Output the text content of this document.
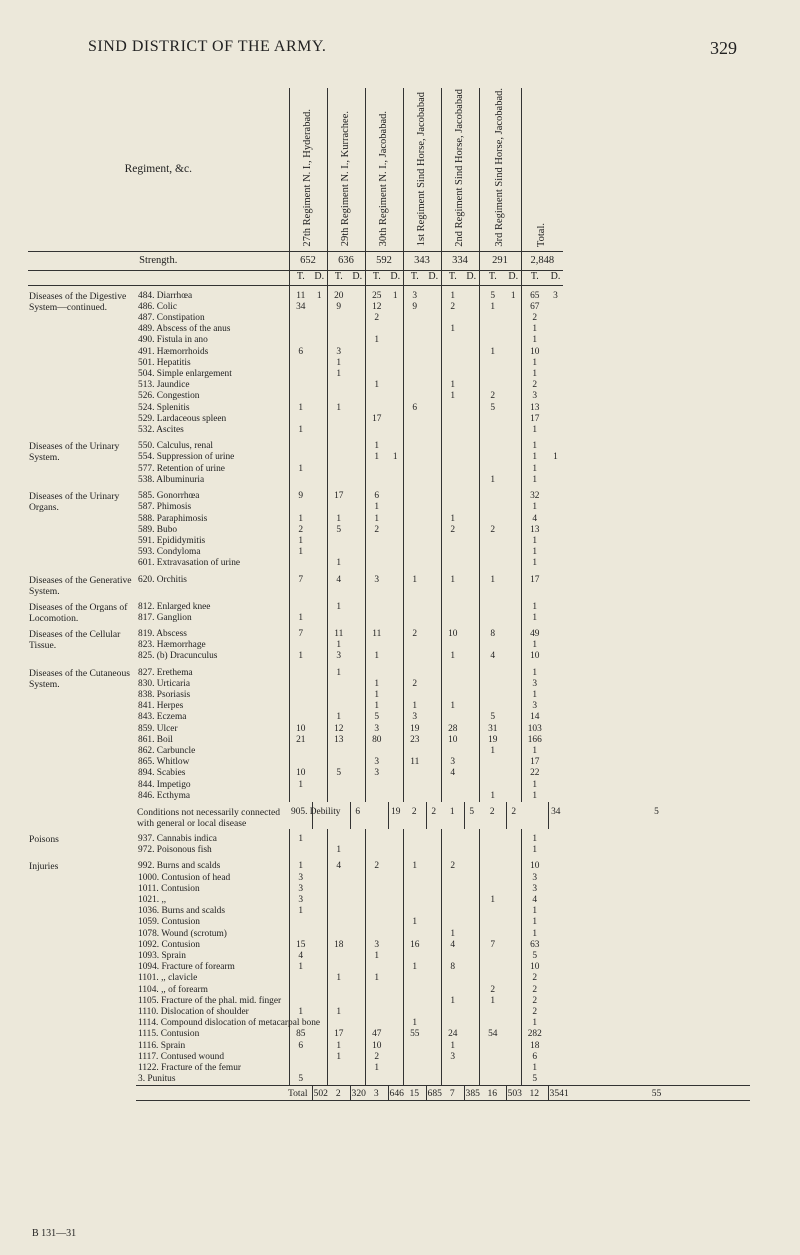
SIND DISTRICT OF THE ARMY.	329
Regiment, &c.		27th Regiment N. I., Hyderabad.		29th Regiment N. I., Kurrachee.		30th Regiment N. I., Jacobabad.		1st Regiment Sind Horse, Jacobabad		2nd Regiment Sind Horse, Jacobabad		3rd Regiment Sind Horse, Jacobabad.		Total.		

Strength.		652		636		592		343		334		291		2,848		
		T.	D.	T.	D.	T.	D.	T.	D.	T.	D.	T.	D.	T.	D.	
Diseases of the Digestive System—continued.	484. Diarrhœa	11	1	20		25	1	3		1		5	1	65	3	
	486. Colic	34		9		12		9		2		1		67		
	487. Constipation					2								2		
	489. Abscess of the anus									1				1		
	490. Fistula in ano					1								1		
	491. Hæmorrhoids	6		3								1		10		
	501. Hepatitis			1										1		
	504. Simple enlargement			1										1		
	513. Jaundice					1				1				2		
	526. Congestion									1		2		3		
	524. Splenitis	1		1				6				5		13		
	529. Lardaceous spleen					17								17		
	532. Ascites	1												1		
Diseases of the Urinary System.	550. Calculus, renal					1								1		
	554. Suppression of urine					1	1							1	1	
	577. Retention of urine	1												1		
	538. Albuminuria											1		1		
Diseases of the Urinary Organs.	585. Gonorrhœa	9		17		6								32		
	587. Phimosis					1								1		
	588. Paraphimosis	1		1		1				1				4		
	589. Bubo	2		5		2				2		2		13		
	591. Epididymitis	1												1		
	593. Condyloma	1												1		
	601. Extravasation of urine			1										1		
Diseases of the Generative System.	620. Orchitis	7		4		3		1		1		1		17		
Diseases of the Organs of Locomotion.	812. Enlarged knee			1										1		
	817. Ganglion	1												1		
Diseases of the Cellular Tissue.	819. Abscess	7		11		11		2		10		8		49		
	823. Hæmorrhage			1										1		
	825. (b) Dracunculus	1		3		1				1		4		10		
Diseases of the Cutaneous System.	827. Erethema			1										1		
	830. Urticaria					1		2						3		
	838. Psoriasis					1								1		
	841. Herpes					1		1		1				3		
	843. Eczema			1		5		3				5		14		
	859. Ulcer	10		12		3		19		28		31		103		
	861. Boil	21		13		80		23		10		19		166		
	862. Carbuncle											1		1		
	865. Whitlow					3		11		3				17		
	894. Scabies	10		5		3				4				22		
	844. Impetigo	1												1		
	846. Ecthyma											1		1		
	Conditions not necessarily connected with general or local disease	905. Debility			6		19	2	2	1	5	2	2		34	5
Poisons	937. Cannabis indica	1												1		
	972. Poisonous fish			1										1		
Injuries	992. Burns and scalds	1		4		2		1		2				10		
	1000. Contusion of head	3												3		
	1011. Contusion	3												3		
	1021. ,,	3										1		4		
	1036. Burns and scalds	1												1		
	1059. Contusion							1						1		
	1078. Wound (scrotum)									1				1		
	1092. Contusion	15		18		3		16		4		7		63		
	1093. Sprain	4				1								5		
	1094. Fracture of forearm	1						1		8				10		
	1101. ,, clavicle			1		1								2		
	1104. ,, of forearm											2		2		
	1105. Fracture of the phal. mid. finger									1		1		2		
	1110. Dislocation of shoulder	1		1										2		
	1114. Compound dislocation of metacarpal bone							1						1		
	1115. Contusion	85		17		47		55		24		54		282		
	1116. Sprain	6		1		10				1				18		
	1117. Contused wound			1		2				3				6		
	1122. Fracture of the femur					1								1		
	3. Punitus	5												5		
	Total		502	2	320	3	646	15	685	7	385	16	503	12	3541	55
B 131—31
